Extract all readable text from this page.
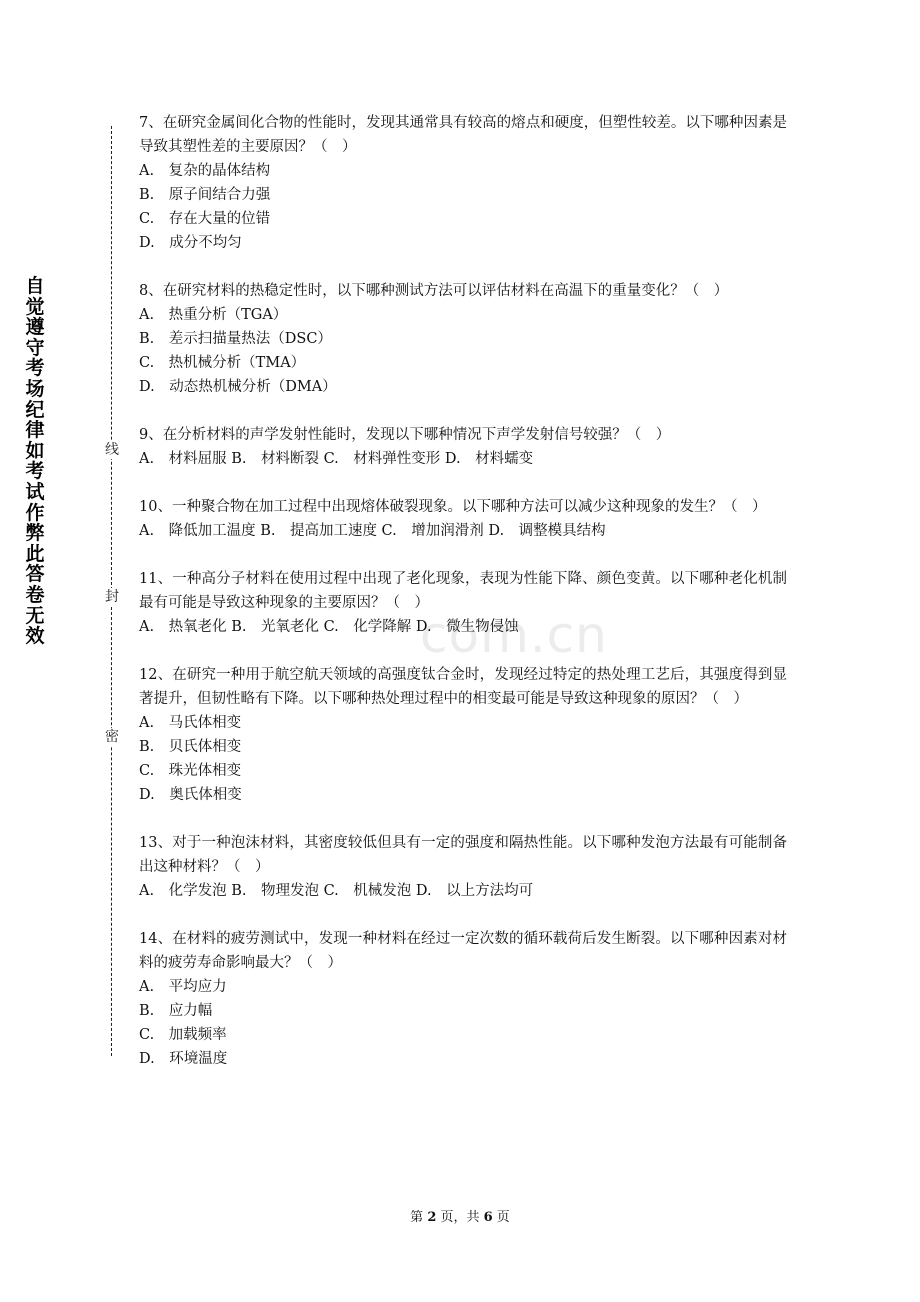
自觉遵守考场纪律如考试作弊此答卷无效
线
封
密
com.cn

7、在研究金属间化合物的性能时，发现其通常具有较高的熔点和硬度，但塑性较差。以下哪种因素是导致其塑性差的主要原因？（　）

A.　复杂的晶体结构

B.　原子间结合力强

C.　存在大量的位错

D.　成分不均匀

8、在研究材料的热稳定性时，以下哪种测试方法可以评估材料在高温下的重量变化？（　）

A.　热重分析（TGA）

B.　差示扫描量热法（DSC）

C.　热机械分析（TMA）

D.　动态热机械分析（DMA）

9、在分析材料的声学发射性能时，发现以下哪种情况下声学发射信号较强？（　）

A.　材料屈服 B.　材料断裂 C.　材料弹性变形 D.　材料蠕变

10、一种聚合物在加工过程中出现熔体破裂现象。以下哪种方法可以减少这种现象的发生？（　）

A.　降低加工温度 B.　提高加工速度 C.　增加润滑剂 D.　调整模具结构

11、一种高分子材料在使用过程中出现了老化现象，表现为性能下降、颜色变黄。以下哪种老化机制最有可能是导致这种现象的主要原因？（　）

A.　热氧老化 B.　光氧老化 C.　化学降解 D.　微生物侵蚀

12、在研究一种用于航空航天领域的高强度钛合金时，发现经过特定的热处理工艺后，其强度得到显著提升，但韧性略有下降。以下哪种热处理过程中的相变最可能是导致这种现象的原因？（　）

A.　马氏体相变

B.　贝氏体相变

C.　珠光体相变

D.　奥氏体相变

13、对于一种泡沫材料，其密度较低但具有一定的强度和隔热性能。以下哪种发泡方法最有可能制备出这种材料？（　）

A.　化学发泡 B.　物理发泡 C.　机械发泡 D.　以上方法均可

14、在材料的疲劳测试中，发现一种材料在经过一定次数的循环载荷后发生断裂。以下哪种因素对材料的疲劳寿命影响最大？（　）

A.　平均应力

B.　应力幅

C.　加载频率

D.　环境温度

第 2 页，共 6 页
